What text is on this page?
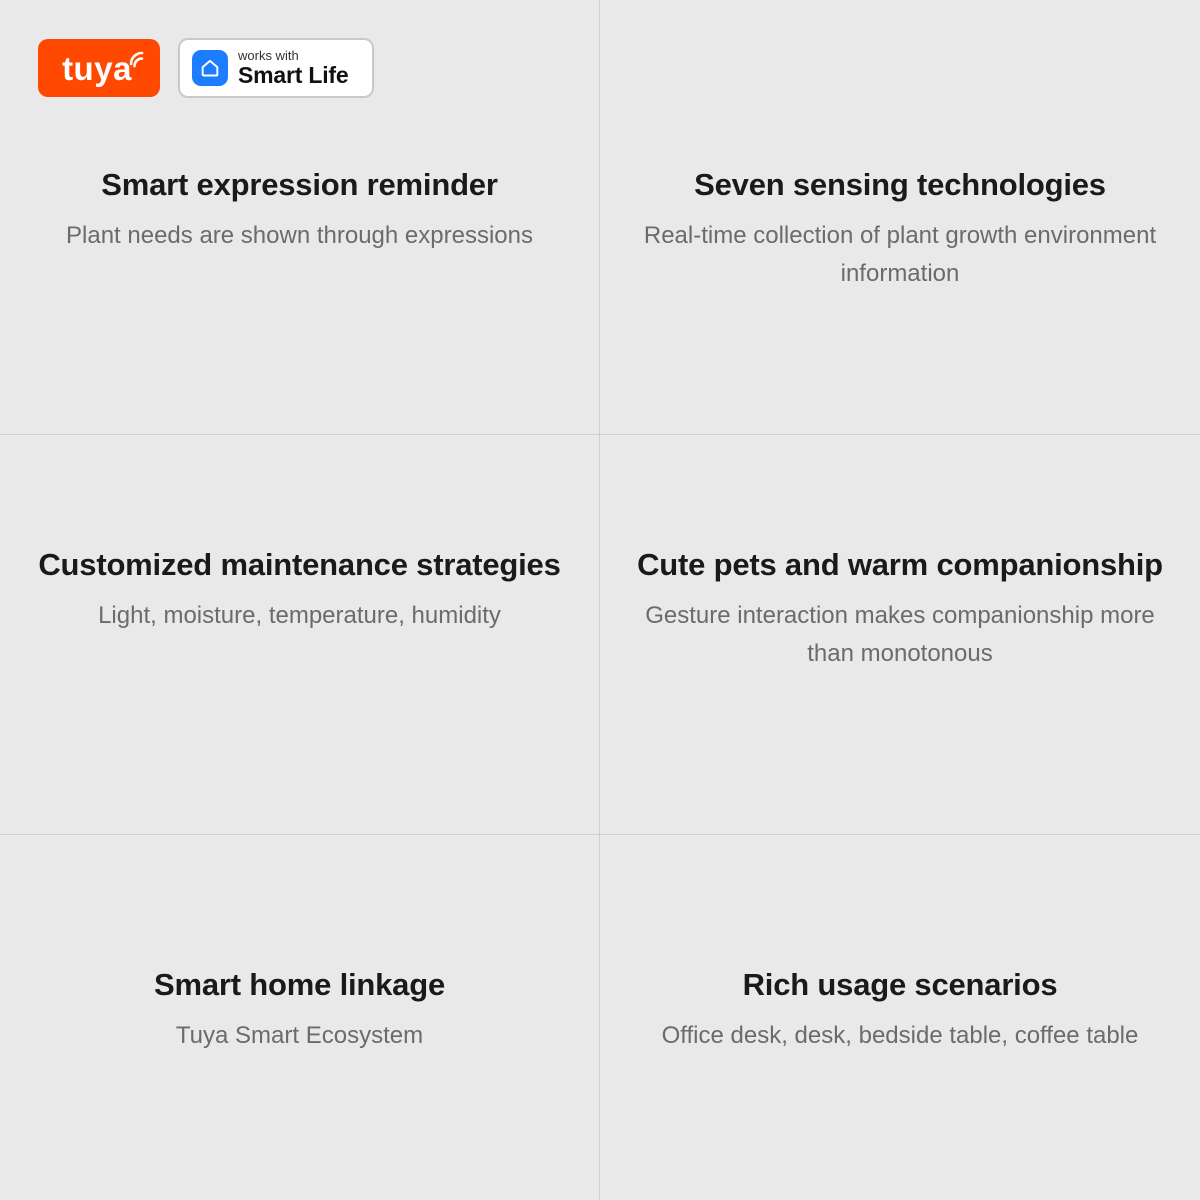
tuya	works with
Smart Life
Smart expression reminder
Plant needs are shown through expressions
Seven sensing technologies
Real-time collection of plant growth environment information
Customized maintenance strategies
Light, moisture, temperature, humidity
Cute pets and warm companionship
Gesture interaction makes companionship more than monotonous
Smart home linkage
Tuya Smart Ecosystem
Rich usage scenarios
Office desk, desk, bedside table, coffee table
